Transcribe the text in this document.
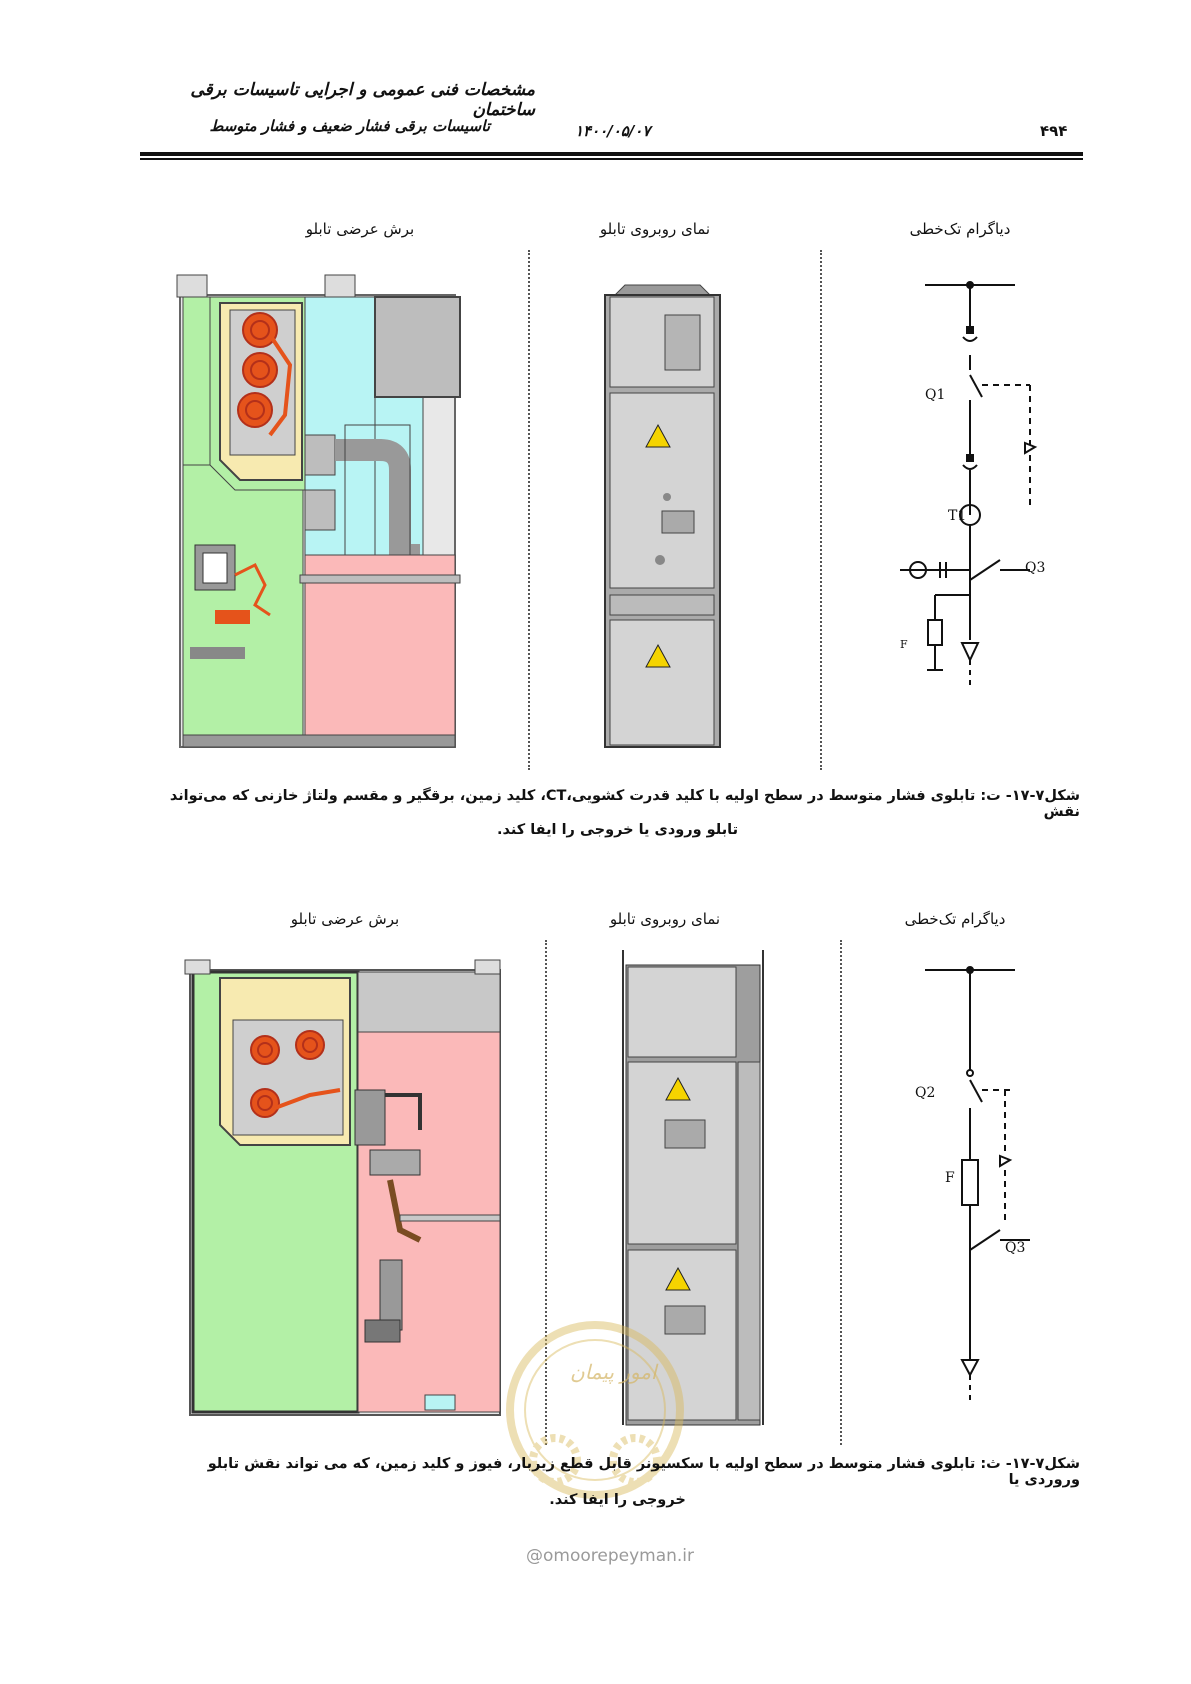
مشخصات فنی عمومی و اجرایی تاسیسات برقی ساختمان
تاسیسات برقی فشار ضعیف و فشار متوسط	۱۴۰۰/۰۵/۰۷	۴۹۴
برش عرضی تابلو	نمای روبروی تابلو	دیاگرام تک‌خطی
Q1
T1
Q3
F
شکل۷-۱۷- ت: تابلوی فشار متوسط در سطح اولیه با کلید قدرت کشویی،CT، کلید زمین، برقگیر و مقسم ولتاژ خازنی که می‌تواند نقش
تابلو ورودی یا خروجی را ایفا کند.
برش عرضی تابلو	نمای روبروی تابلو	دیاگرام تک‌خطی
Q2
F
Q3
امور پیمان
شکل۷-۱۷- ث: تابلوی فشار متوسط در سطح اولیه با سکسیونر قابل قطع زیربار، فیوز و کلید زمین، که می تواند نقش تابلو وروردی یا
خروجی را ایفا کند.
@omoorepeyman.ir
